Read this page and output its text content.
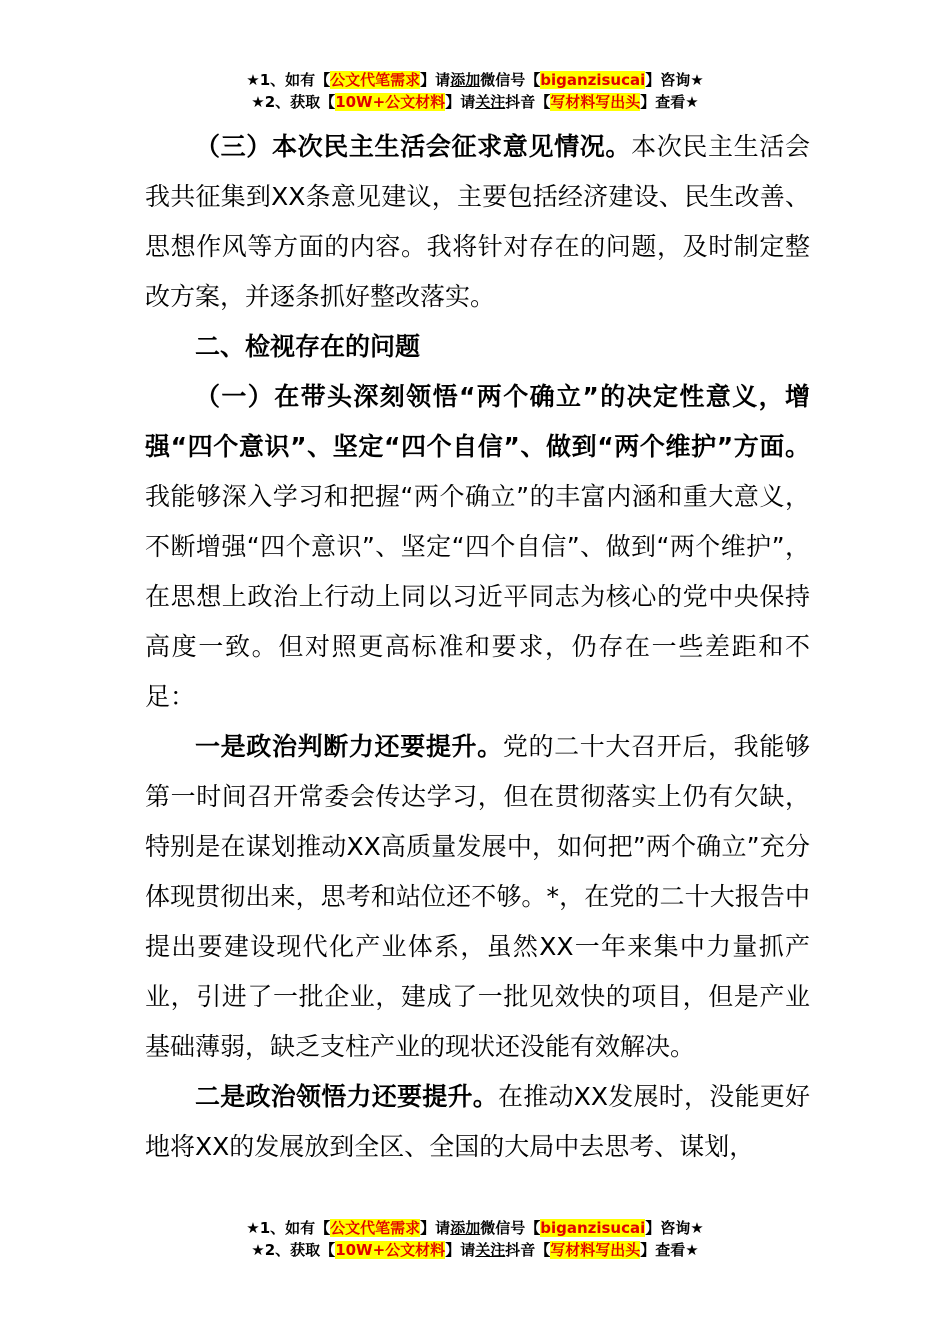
★1、如有【公文代笔需求】请添加微信号【biganzisucai】咨询★
★2、获取【10W+公文材料】请关注抖音【写材料写出头】查看★

（三）本次民主生活会征求意见情况。本次民主生活会我共征集到XX条意见建议，主要包括经济建设、民生改善、思想作风等方面的内容。我将针对存在的问题，及时制定整改方案，并逐条抓好整改落实。

二、检视存在的问题

（一）在带头深刻领悟“两个确立”的决定性意义，增强“四个意识”、坚定“四个自信”、做到“两个维护”方面。我能够深入学习和把握“两个确立”的丰富内涵和重大意义，不断增强“四个意识”、坚定“四个自信”、做到“两个维护”，在思想上政治上行动上同以习近平同志为核心的党中央保持高度一致。但对照更高标准和要求，仍存在一些差距和不足：

一是政治判断力还要提升。党的二十大召开后，我能够第一时间召开常委会传达学习，但在贯彻落实上仍有欠缺，特别是在谋划推动XX高质量发展中，如何把”两个确立”充分体现贯彻出来，思考和站位还不够。*，在党的二十大报告中提出要建设现代化产业体系，虽然XX一年来集中力量抓产业，引进了一批企业，建成了一批见效快的项目，但是产业基础薄弱，缺乏支柱产业的现状还没能有效解决。

二是政治领悟力还要提升。在推动XX发展时，没能更好地将XX的发展放到全区、全国的大局中去思考、谋划，

★1、如有【公文代笔需求】请添加微信号【biganzisucai】咨询★
★2、获取【10W+公文材料】请关注抖音【写材料写出头】查看★
